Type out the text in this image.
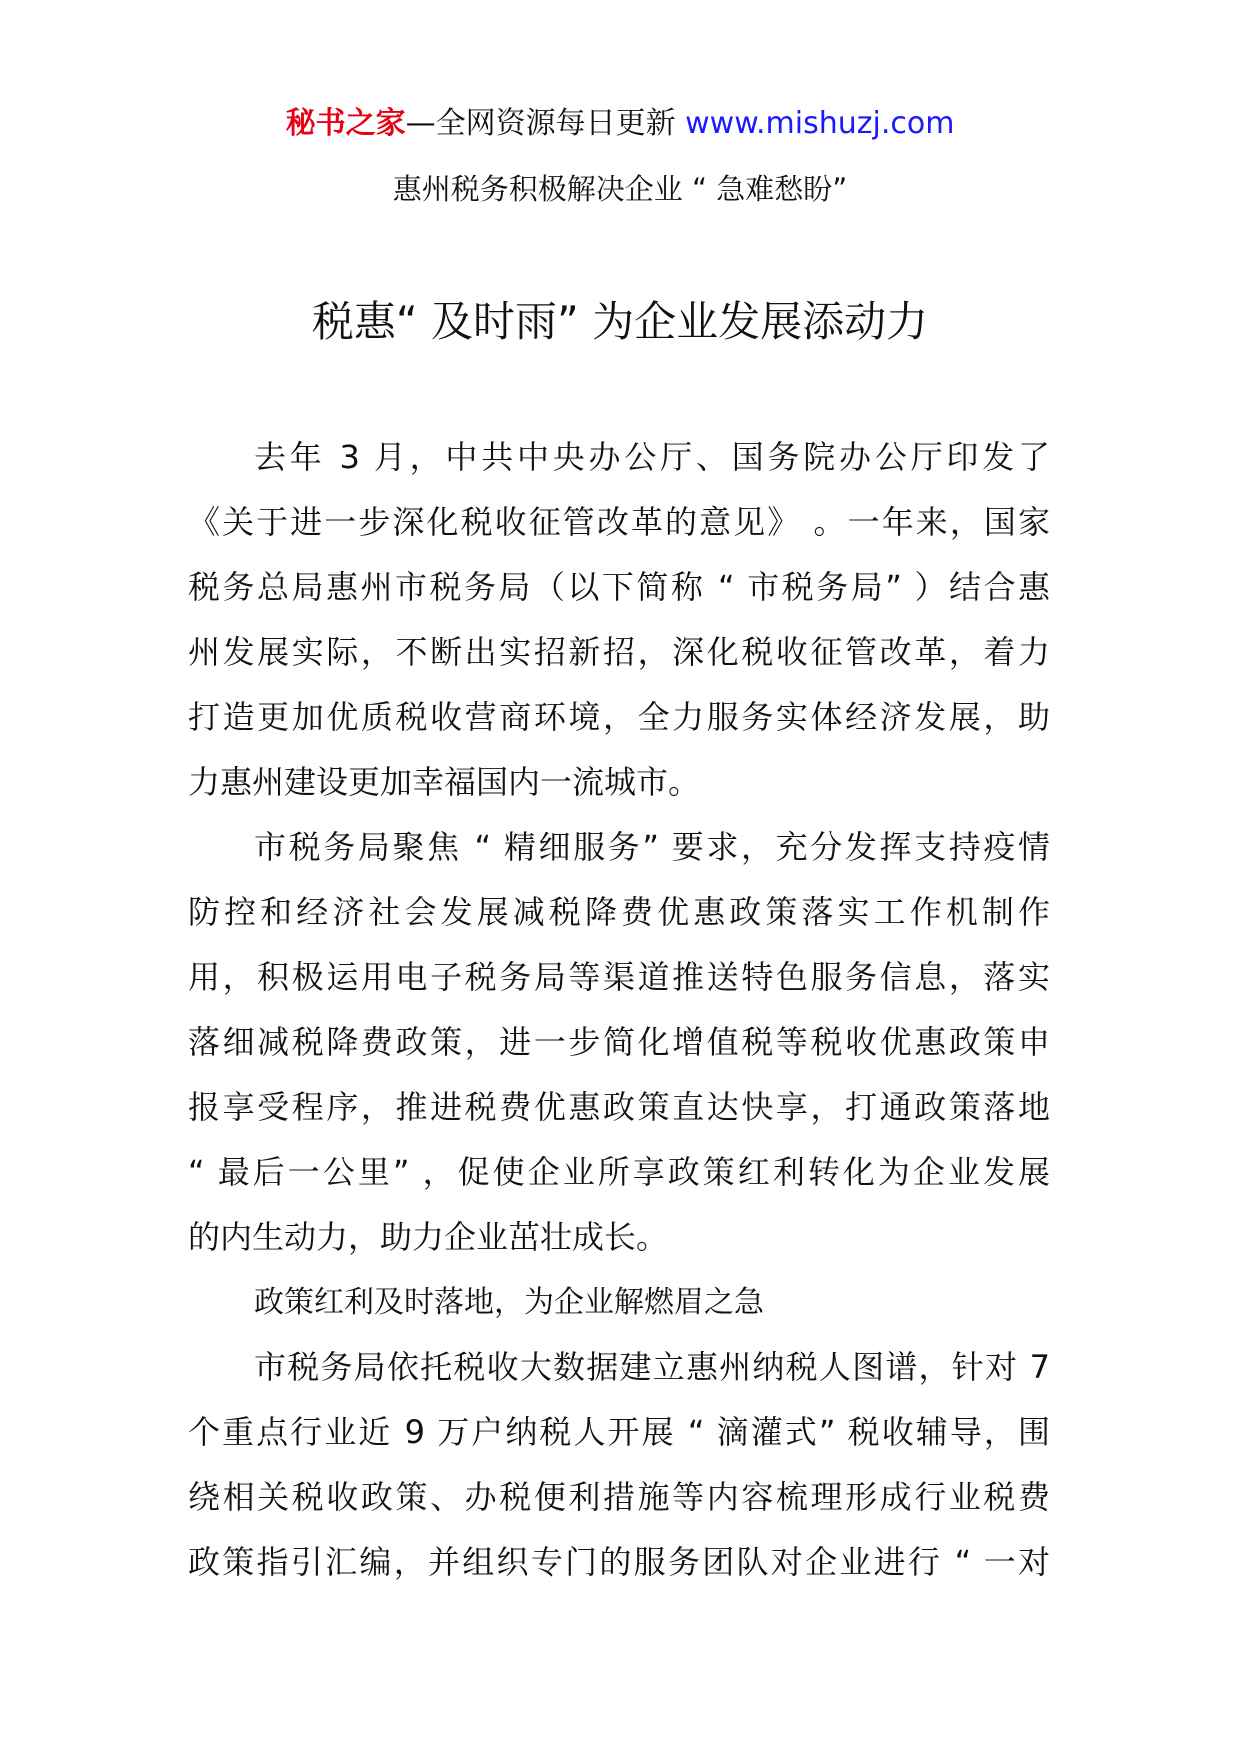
秘书之家—全网资源每日更新 www.mishuzj.com
惠州税务积极解决企业 “ 急难愁盼”
税惠“ 及时雨” 为企业发展添动力
去年 3 月，中共中央办公厅、国务院办公厅印发了
《关于进一步深化税收征管改革的意见》 。一年来，国家
税务总局惠州市税务局（以下简称 “ 市税务局” ）结合惠
州发展实际，不断出实招新招，深化税收征管改革，着力
打造更加优质税收营商环境，全力服务实体经济发展，助
力惠州建设更加幸福国内一流城市。
市税务局聚焦 “ 精细服务” 要求，充分发挥支持疫情
防控和经济社会发展减税降费优惠政策落实工作机制作
用，积极运用电子税务局等渠道推送特色服务信息，落实
落细减税降费政策，进一步简化增值税等税收优惠政策申
报享受程序，推进税费优惠政策直达快享，打通政策落地
“ 最后一公里” ，促使企业所享政策红利转化为企业发展
的内生动力，助力企业茁壮成长。
政策红利及时落地，为企业解燃眉之急
市税务局依托税收大数据建立惠州纳税人图谱，针对 7
个重点行业近 9 万户纳税人开展 “ 滴灌式” 税收辅导，围
绕相关税收政策、办税便利措施等内容梳理形成行业税费
政策指引汇编，并组织专门的服务团队对企业进行 “ 一对
